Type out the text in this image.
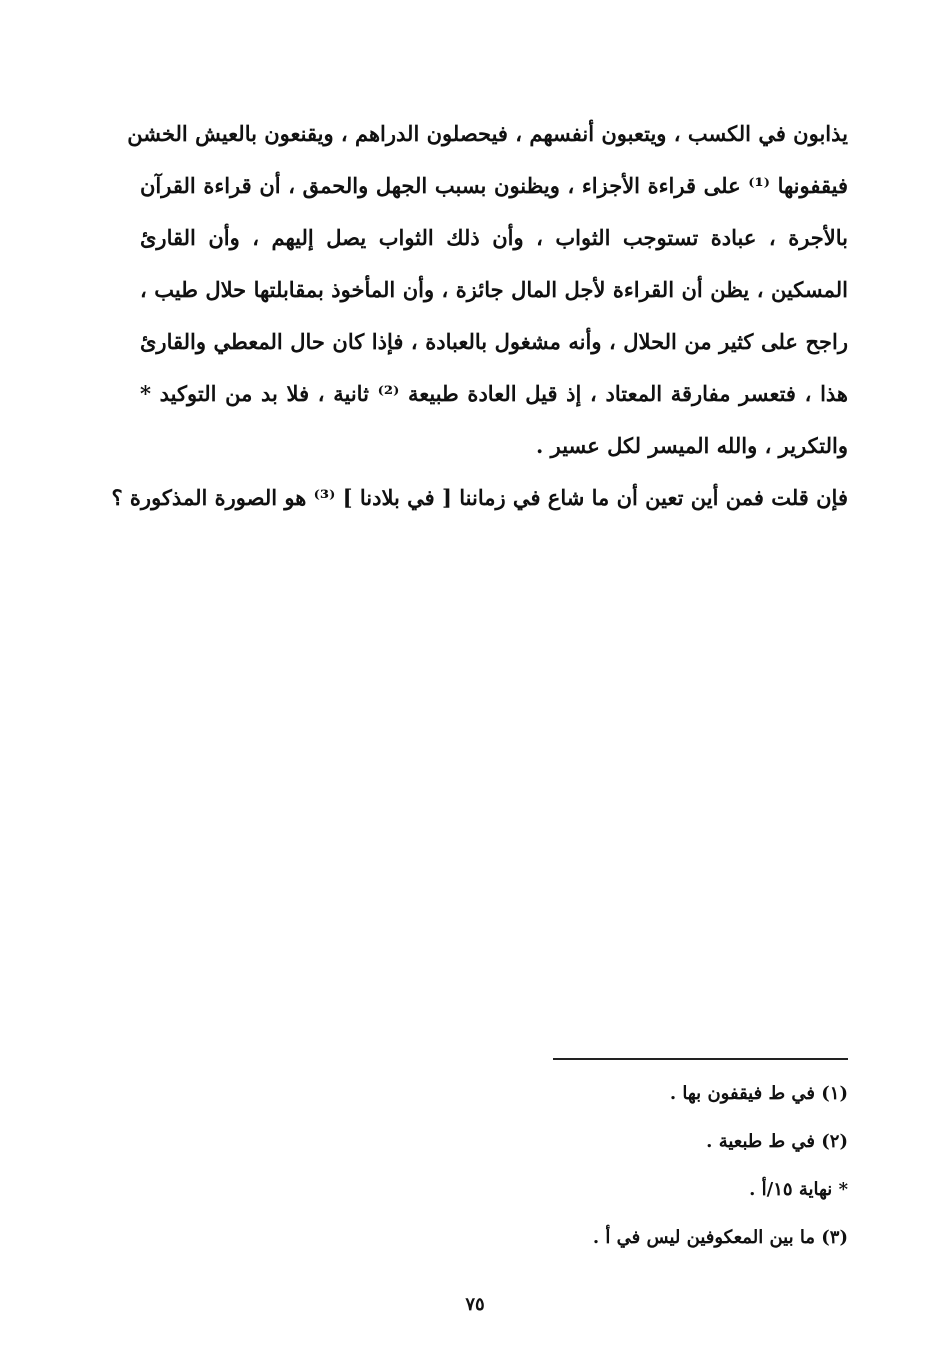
يذابون في الكسب ، ويتعبون أنفسهم ، فيحصلون الدراهم ، ويقنعون بالعيش الخشن
فيقفونها ⁽¹⁾ على قراءة الأجزاء ، ويظنون بسبب الجهل والحمق ، أن قراءة القرآن
بالأجرة ، عبادة تستوجب الثواب ، وأن ذلك الثواب يصل إليهم ، وأن القارئ
المسكين ، يظن أن القراءة لأجل المال جائزة ، وأن المأخوذ بمقابلتها حلال طيب ،
راجح على كثير من الحلال ، وأنه مشغول بالعبادة ، فإذا كان حال المعطي والقارئ
هذا ، فتعسر مفارقة المعتاد ، إذ قيل العادة طبيعة ⁽²⁾ ثانية ، فلا بد من التوكيد *
والتكرير ، والله الميسر لكل عسير .
فإن قلت فمن أين تعين أن ما شاع في زماننا [ في بلادنا ] ⁽³⁾ هو الصورة المذكورة ؟
(١) في ط فيقفون بها .
(٢) في ط طبعية .
* نهاية ١٥/أ .
(٣) ما بين المعكوفين ليس في أ .
٧٥
